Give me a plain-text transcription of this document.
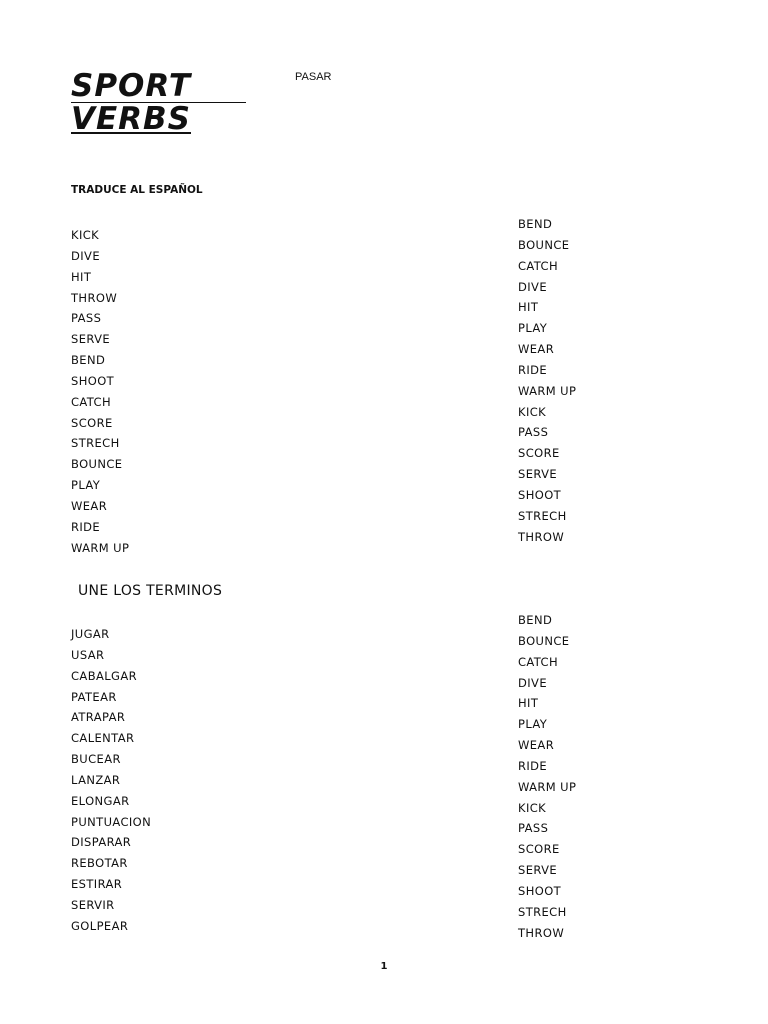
SPORT
VERBS
PASAR
TRADUCE AL ESPAÑOL
KICK
DIVE
HIT
THROW
PASS
SERVE
BEND
SHOOT
CATCH
SCORE
STRECH
BOUNCE
PLAY
WEAR
RIDE
WARM UP
BEND
BOUNCE
CATCH
DIVE
HIT
PLAY
WEAR
RIDE
WARM UP
KICK
PASS
SCORE
SERVE
SHOOT
STRECH
THROW
UNE LOS TERMINOS
JUGAR
USAR
CABALGAR
PATEAR
ATRAPAR
CALENTAR
BUCEAR
LANZAR
ELONGAR
PUNTUACION
DISPARAR
REBOTAR
ESTIRAR
SERVIR
GOLPEAR
BEND
BOUNCE
CATCH
DIVE
HIT
PLAY
WEAR
RIDE
WARM UP
KICK
PASS
SCORE
SERVE
SHOOT
STRECH
THROW
1
